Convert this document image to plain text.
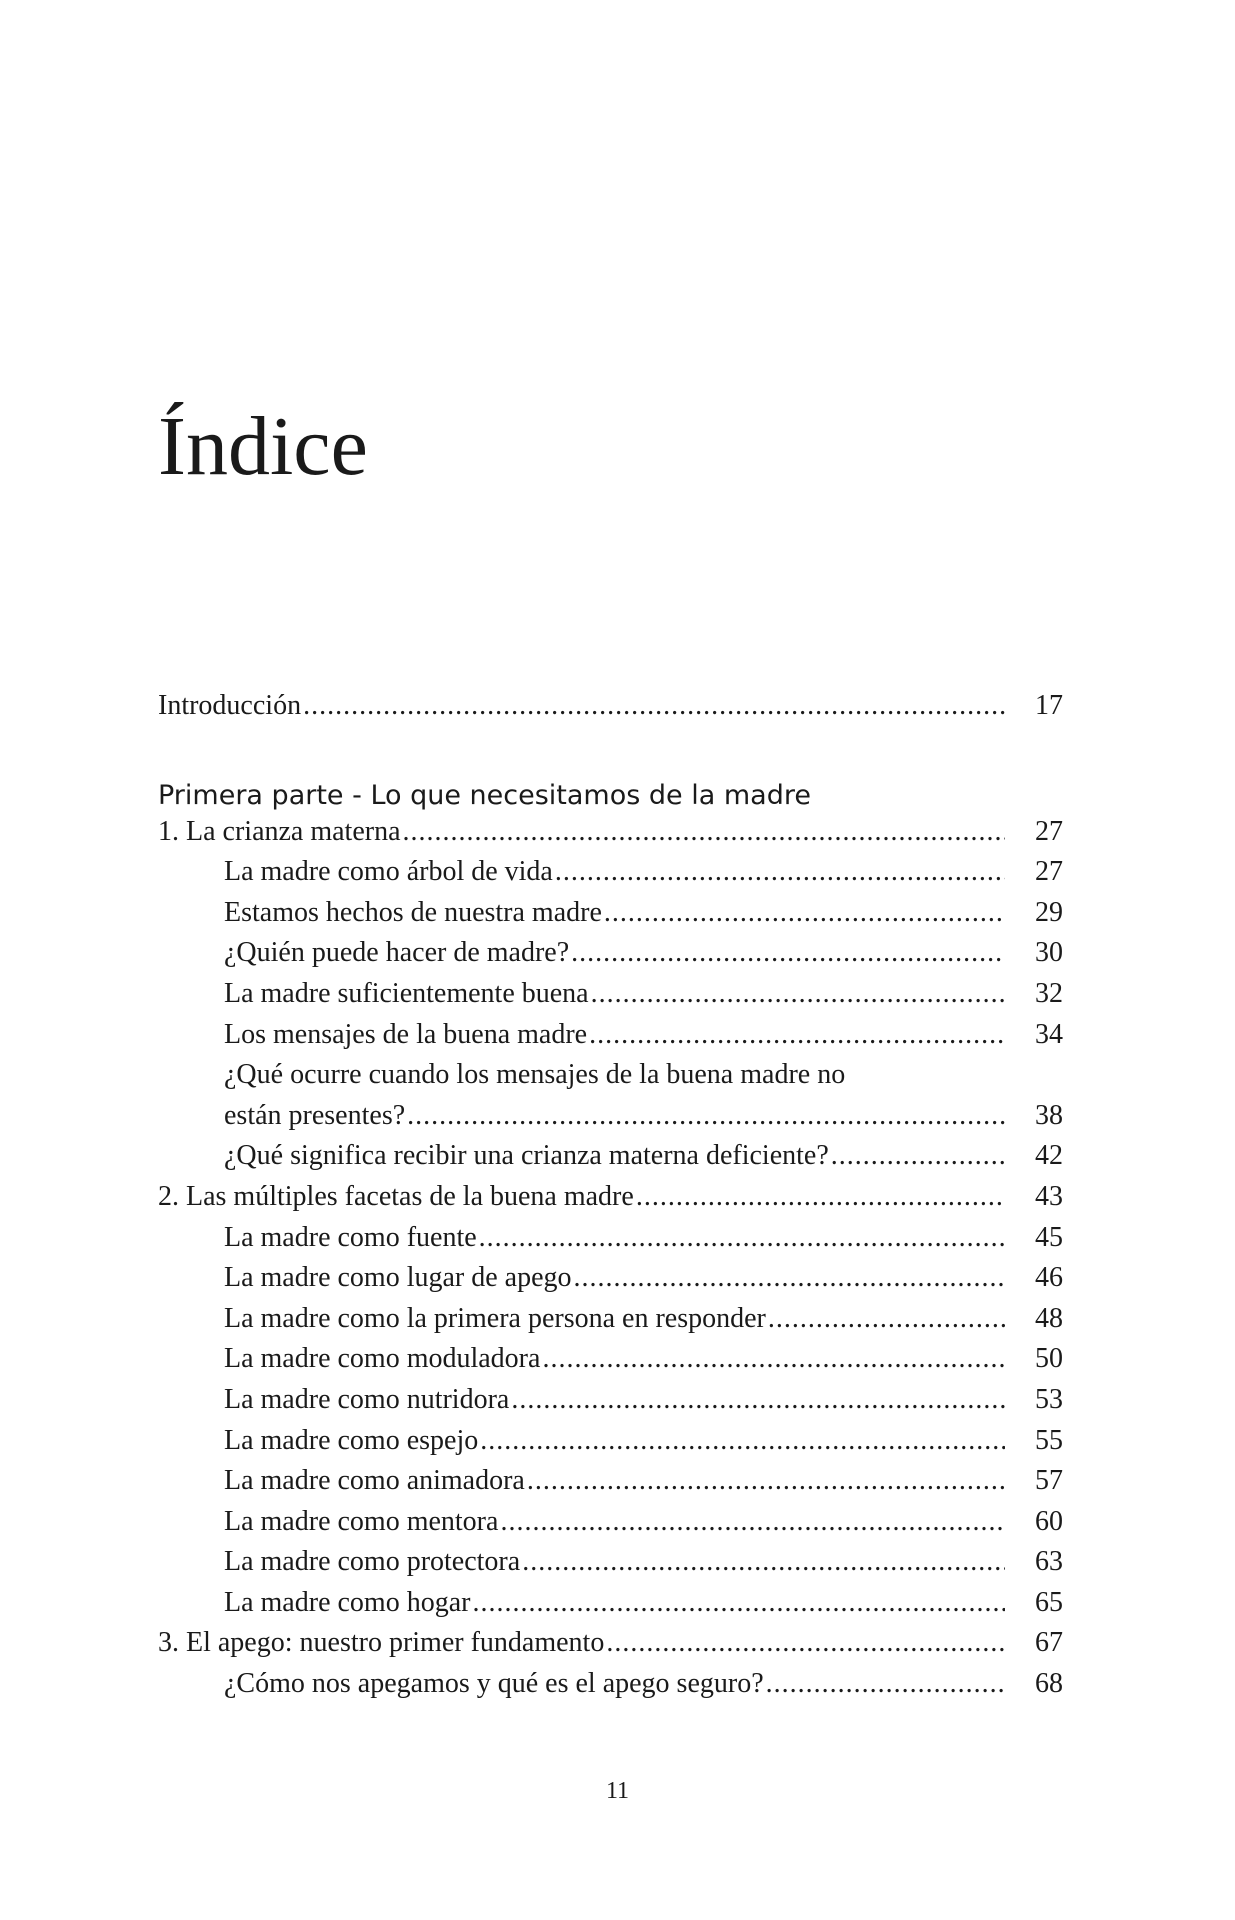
Índice
Introducción .....	17
Primera parte - Lo que necesitamos de la madre
1. La crianza materna .....	27
La madre como árbol de vida .....	27
Estamos hechos de nuestra madre .....	29
¿Quién puede hacer de madre? .....	30
La madre suficientemente buena .....	32
Los mensajes de la buena madre .....	34
¿Qué ocurre cuando los mensajes de la buena madre no
están presentes? .....	38
¿Qué significa recibir una crianza materna deficiente? .....	42
2. Las múltiples facetas de la buena madre .....	43
La madre como fuente .....	45
La madre como lugar de apego .....	46
La madre como la primera persona en responder .....	48
La madre como moduladora .....	50
La madre como nutridora .....	53
La madre como espejo .....	55
La madre como animadora .....	57
La madre como mentora .....	60
La madre como protectora .....	63
La madre como hogar .....	65
3. El apego: nuestro primer fundamento .....	67
¿Cómo nos apegamos y qué es el apego seguro? .....	68
11
